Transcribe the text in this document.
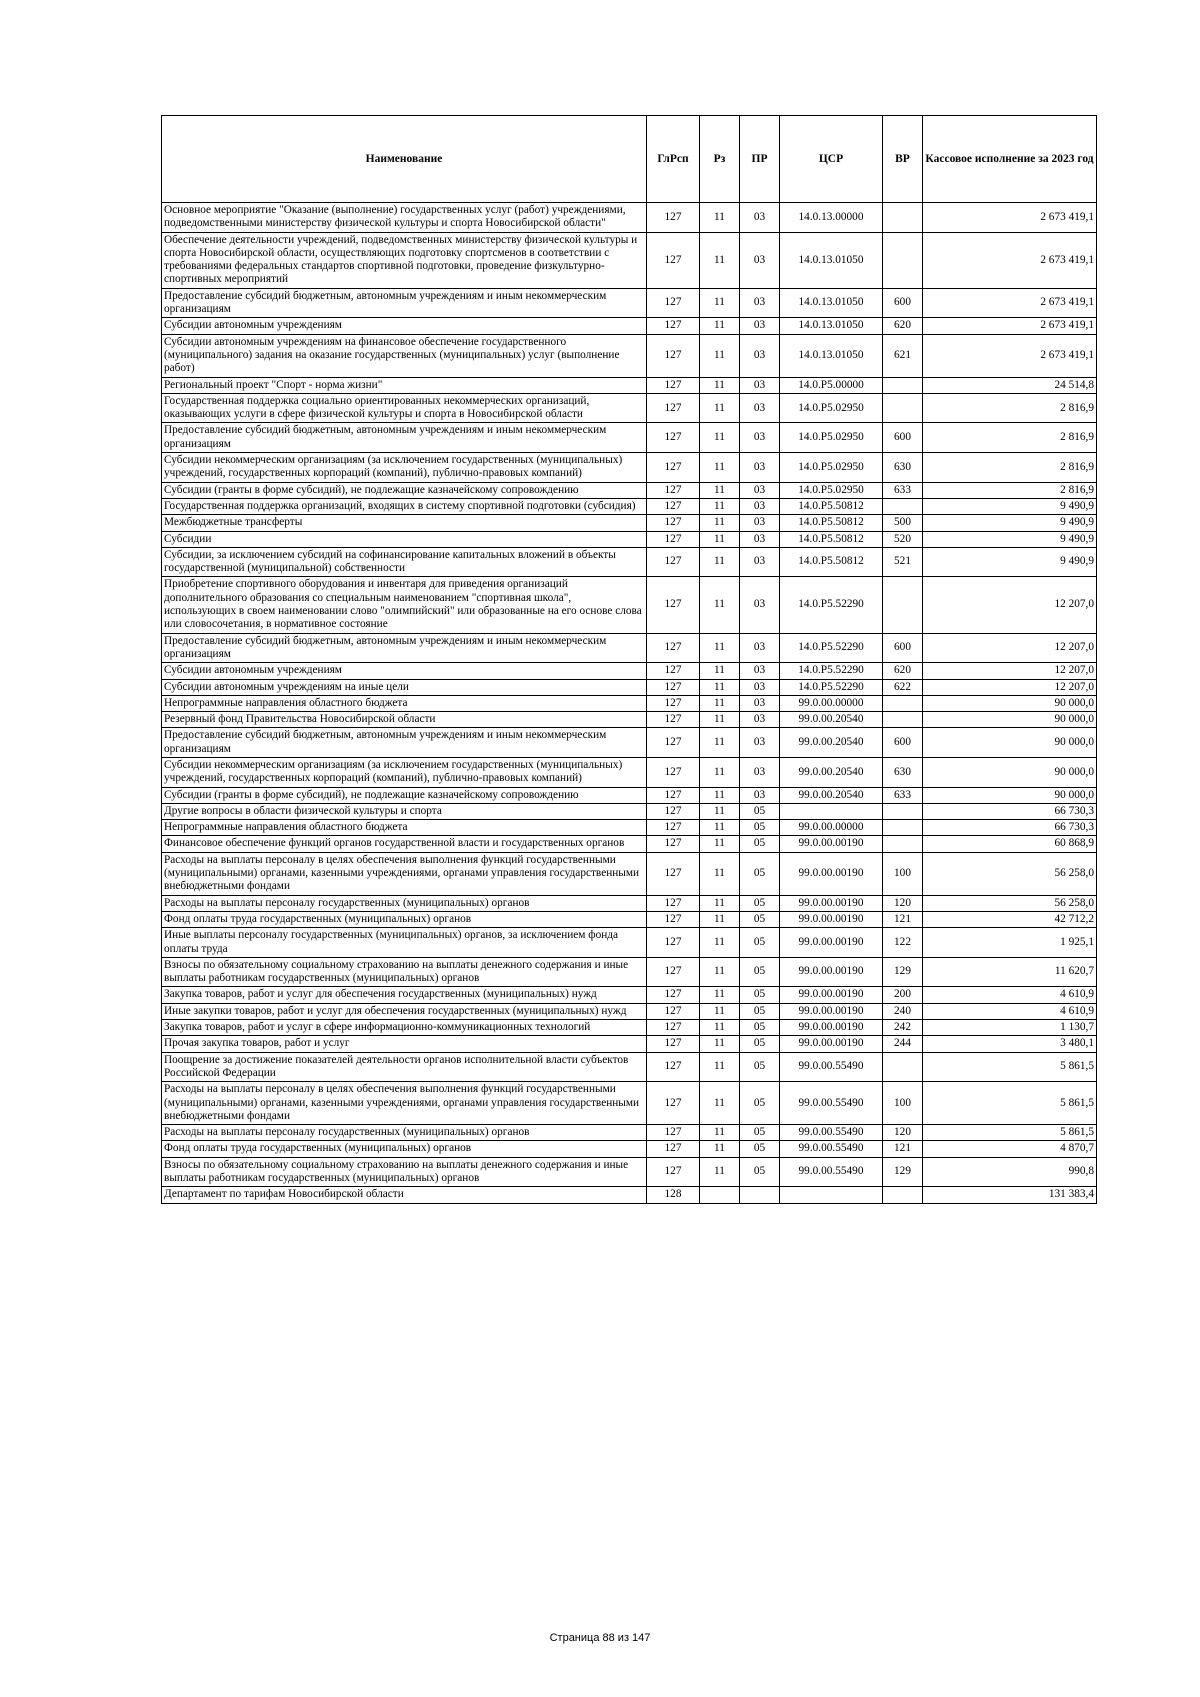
Наименование	ГлРсп	Рз	ПР	ЦСР	ВР	Кассовое исполнение за 2023 год
Основное мероприятие "Оказание (выполнение) государственных услуг (работ) учреждениями, подведомственными министерству физической культуры и спорта Новосибирской области"	127	11	03	14.0.13.00000		2 673 419,1
Обеспечение деятельности учреждений, подведомственных министерству физической культуры и спорта Новосибирской области, осуществляющих подготовку спортсменов в соответствии с требованиями федеральных стандартов спортивной подготовки, проведение физкультурно-спортивных мероприятий	127	11	03	14.0.13.01050		2 673 419,1
Предоставление субсидий бюджетным, автономным учреждениям и иным некоммерческим организациям	127	11	03	14.0.13.01050	600	2 673 419,1
Субсидии автономным учреждениям	127	11	03	14.0.13.01050	620	2 673 419,1
Субсидии автономным учреждениям на финансовое обеспечение государственного (муниципального) задания на оказание государственных (муниципальных) услуг (выполнение работ)	127	11	03	14.0.13.01050	621	2 673 419,1
Региональный проект "Спорт - норма жизни"	127	11	03	14.0.P5.00000		24 514,8
Государственная поддержка социально ориентированных некоммерческих организаций, оказывающих услуги в сфере физической культуры и спорта в Новосибирской области	127	11	03	14.0.P5.02950		2 816,9
Предоставление субсидий бюджетным, автономным учреждениям и иным некоммерческим организациям	127	11	03	14.0.P5.02950	600	2 816,9
Субсидии некоммерческим организациям (за исключением государственных (муниципальных) учреждений, государственных корпораций (компаний), публично-правовых компаний)	127	11	03	14.0.P5.02950	630	2 816,9
Субсидии (гранты в форме субсидий), не подлежащие казначейскому сопровождению	127	11	03	14.0.P5.02950	633	2 816,9
Государственная поддержка организаций, входящих в систему спортивной подготовки (субсидия)	127	11	03	14.0.P5.50812		9 490,9
Межбюджетные трансферты	127	11	03	14.0.P5.50812	500	9 490,9
Субсидии	127	11	03	14.0.P5.50812	520	9 490,9
Субсидии, за исключением субсидий на софинансирование капитальных вложений в объекты государственной (муниципальной) собственности	127	11	03	14.0.P5.50812	521	9 490,9
Приобретение спортивного оборудования и инвентаря для приведения организаций дополнительного образования со специальным наименованием "спортивная школа", использующих в своем наименовании слово "олимпийский" или образованные на его основе слова или словосочетания, в нормативное состояние	127	11	03	14.0.P5.52290		12 207,0
Предоставление субсидий бюджетным, автономным учреждениям и иным некоммерческим организациям	127	11	03	14.0.P5.52290	600	12 207,0
Субсидии автономным учреждениям	127	11	03	14.0.P5.52290	620	12 207,0
Субсидии автономным учреждениям на иные цели	127	11	03	14.0.P5.52290	622	12 207,0
Непрограммные направления областного бюджета	127	11	03	99.0.00.00000		90 000,0
Резервный фонд Правительства Новосибирской области	127	11	03	99.0.00.20540		90 000,0
Предоставление субсидий бюджетным, автономным учреждениям и иным некоммерческим организациям	127	11	03	99.0.00.20540	600	90 000,0
Субсидии некоммерческим организациям (за исключением государственных (муниципальных) учреждений, государственных корпораций (компаний), публично-правовых компаний)	127	11	03	99.0.00.20540	630	90 000,0
Субсидии (гранты в форме субсидий), не подлежащие казначейскому сопровождению	127	11	03	99.0.00.20540	633	90 000,0
Другие вопросы в области физической культуры и спорта	127	11	05			66 730,3
Непрограммные направления областного бюджета	127	11	05	99.0.00.00000		66 730,3
Финансовое обеспечение функций органов государственной власти и государственных органов	127	11	05	99.0.00.00190		60 868,9
Расходы на выплаты персоналу в целях обеспечения выполнения функций государственными (муниципальными) органами, казенными учреждениями, органами управления государственными внебюджетными фондами	127	11	05	99.0.00.00190	100	56 258,0
Расходы на выплаты персоналу государственных (муниципальных) органов	127	11	05	99.0.00.00190	120	56 258,0
Фонд оплаты труда государственных (муниципальных) органов	127	11	05	99.0.00.00190	121	42 712,2
Иные выплаты персоналу государственных (муниципальных) органов, за исключением фонда оплаты труда	127	11	05	99.0.00.00190	122	1 925,1
Взносы по обязательному социальному страхованию на выплаты денежного содержания и иные выплаты работникам государственных (муниципальных) органов	127	11	05	99.0.00.00190	129	11 620,7
Закупка товаров, работ и услуг для обеспечения государственных (муниципальных) нужд	127	11	05	99.0.00.00190	200	4 610,9
Иные закупки товаров, работ и услуг для обеспечения государственных (муниципальных) нужд	127	11	05	99.0.00.00190	240	4 610,9
Закупка товаров, работ и услуг в сфере информационно-коммуникационных технологий	127	11	05	99.0.00.00190	242	1 130,7
Прочая закупка товаров, работ и услуг	127	11	05	99.0.00.00190	244	3 480,1
Поощрение за достижение показателей деятельности органов исполнительной власти субъектов Российской Федерации	127	11	05	99.0.00.55490		5 861,5
Расходы на выплаты персоналу в целях обеспечения выполнения функций государственными (муниципальными) органами, казенными учреждениями, органами управления государственными внебюджетными фондами	127	11	05	99.0.00.55490	100	5 861,5
Расходы на выплаты персоналу государственных (муниципальных) органов	127	11	05	99.0.00.55490	120	5 861,5
Фонд оплаты труда государственных (муниципальных) органов	127	11	05	99.0.00.55490	121	4 870,7
Взносы по обязательному социальному страхованию на выплаты денежного содержания и иные выплаты работникам государственных (муниципальных) органов	127	11	05	99.0.00.55490	129	990,8
Департамент по тарифам Новосибирской области	128					131 383,4
Страница 88 из 147
